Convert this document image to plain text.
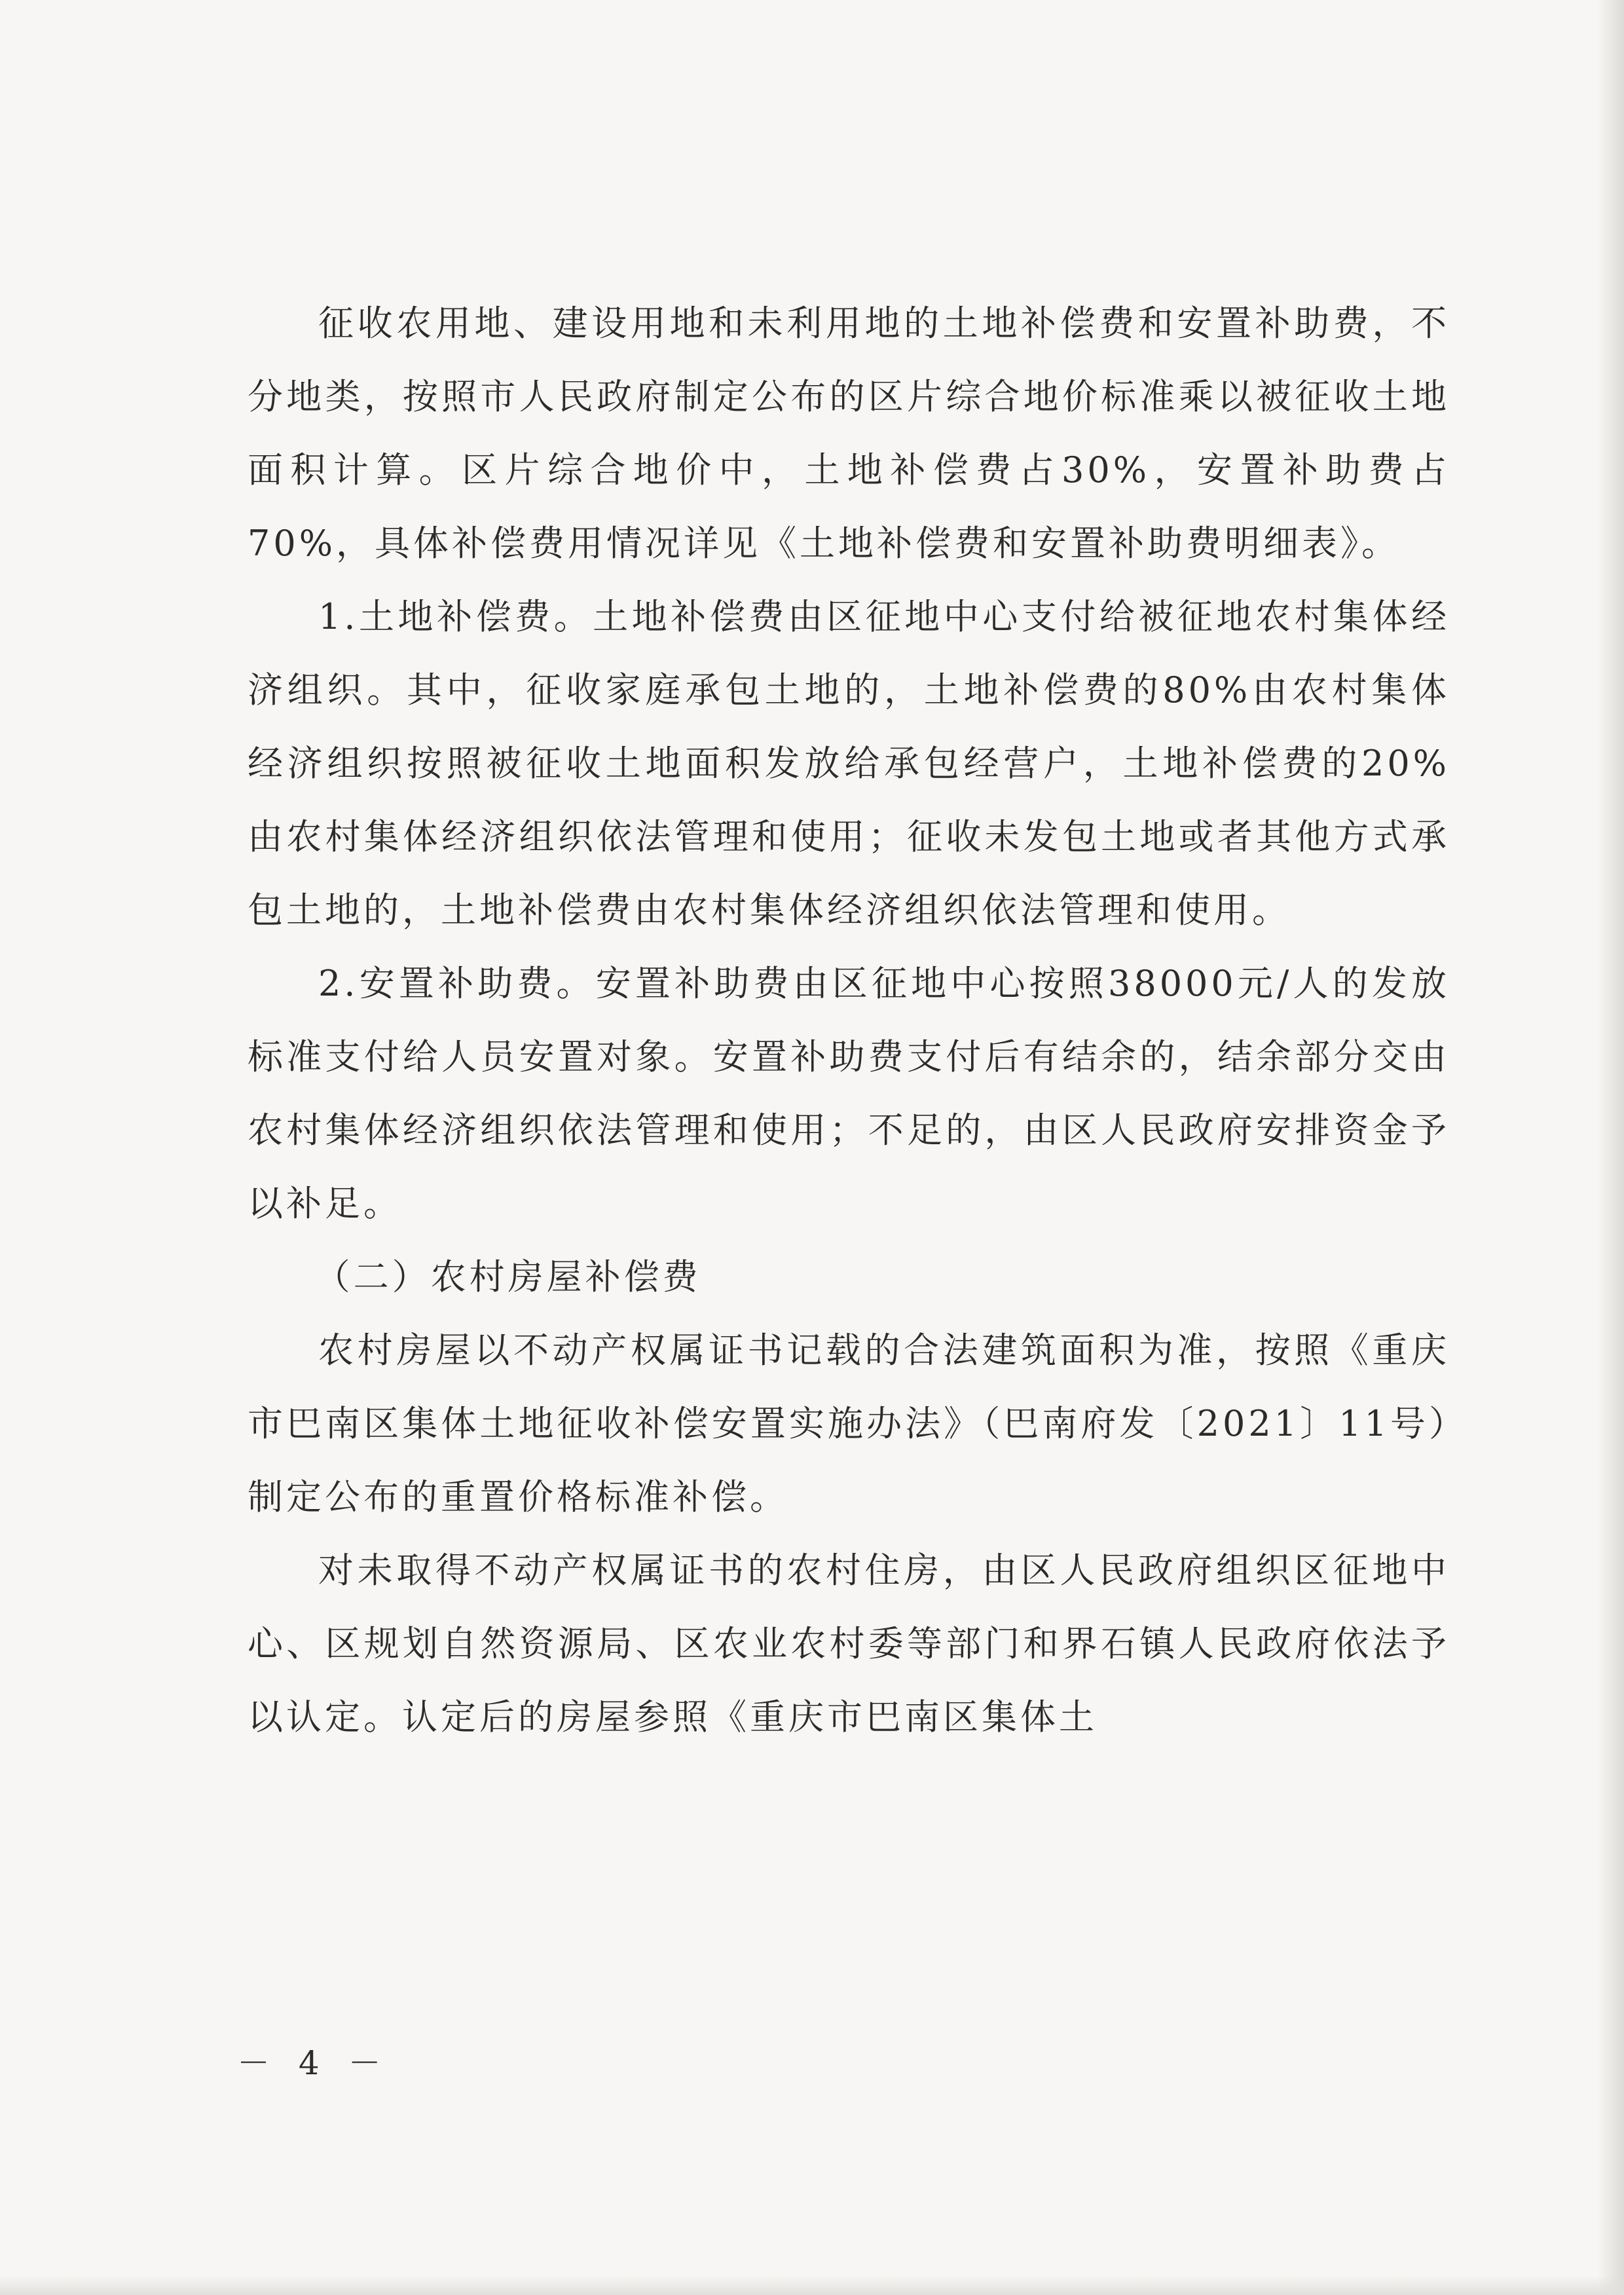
征收农用地、建设用地和未利用地的土地补偿费和安置补助费，不分地类，按照市人民政府制定公布的区片综合地价标准乘以被征收土地面积计算。区片综合地价中，土地补偿费占30%，安置补助费占70%，具体补偿费用情况详见《土地补偿费和安置补助费明细表》。

1.土地补偿费。土地补偿费由区征地中心支付给被征地农村集体经济组织。其中，征收家庭承包土地的，土地补偿费的80%由农村集体经济组织按照被征收土地面积发放给承包经营户，土地补偿费的20%由农村集体经济组织依法管理和使用；征收未发包土地或者其他方式承包土地的，土地补偿费由农村集体经济组织依法管理和使用。

2.安置补助费。安置补助费由区征地中心按照38000元/人的发放标准支付给人员安置对象。安置补助费支付后有结余的，结余部分交由农村集体经济组织依法管理和使用；不足的，由区人民政府安排资金予以补足。

（二）农村房屋补偿费

农村房屋以不动产权属证书记载的合法建筑面积为准，按照《重庆市巴南区集体土地征收补偿安置实施办法》（巴南府发〔2021〕11号）制定公布的重置价格标准补偿。

对未取得不动产权属证书的农村住房，由区人民政府组织区征地中心、区规划自然资源局、区农业农村委等部门和界石镇人民政府依法予以认定。认定后的房屋参照《重庆市巴南区集体土

－ 4 －
